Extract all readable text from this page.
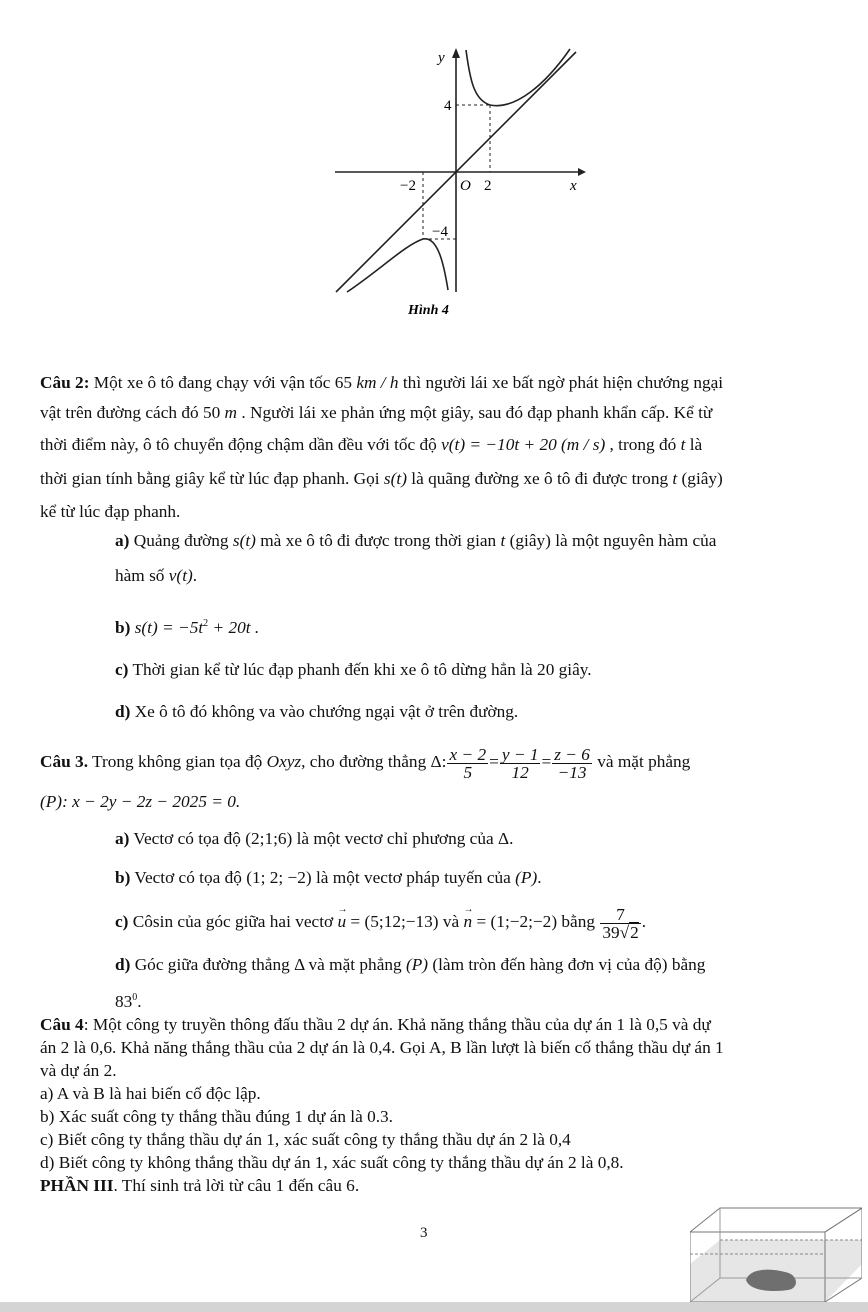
y
x
O 2
−2
4
−4
Hình 4
Câu 2: Một xe ô tô đang chạy với vận tốc 65 km / h thì người lái xe bất ngờ phát hiện chướng ngại
vật trên đường cách đó 50 m . Người lái xe phản ứng một giây, sau đó đạp phanh khẩn cấp. Kể từ
thời điểm này, ô tô chuyển động chậm dần đều với tốc độ v(t) = −10t + 20 (m / s) , trong đó t là
thời gian tính bằng giây kể từ lúc đạp phanh. Gọi s(t) là quãng đường xe ô tô đi được trong t (giây)
kể từ lúc đạp phanh.
a) Quảng đường s(t) mà xe ô tô đi được trong thời gian t (giây) là một nguyên hàm của
hàm số v(t).
b) $s(t) = -5t^2 + 20t$ .
c) Thời gian kể từ lúc đạp phanh đến khi xe ô tô dừng hẳn là 20 giây.
d) Xe ô tô đó không va vào chướng ngại vật ở trên đường.
Câu 3. Trong không gian tọa độ Oxyz, cho đường thẳng Δ: $\frac{x - 2}{5} = \frac{y - 1}{12} = \frac{z - 6}{-13}$ và mặt phẳng
(P): x − 2y − 2z − 2025 = 0.
a) Vectơ có tọa độ (2;1;6) là một vectơ chỉ phương của Δ.
b) Vectơ có tọa độ (1; 2; −2) là một vectơ pháp tuyến của (P).
c) Côsin của góc giữa hai vectơ → u = (5;12;−13) và → n = (1;−2;−2) bằng $\frac{7}{39√2}$ .
d) Góc giữa đường thẳng Δ và mặt phẳng (P) (làm tròn đến hàng đơn vị của độ) bằng
$83^0$.
Câu 4: Một công ty truyền thông đấu thầu 2 dự án. Khả năng thắng thầu của dự án 1 là 0,5 và dự
án 2 là 0,6. Khả năng thắng thầu của 2 dự án là 0,4. Gọi A, B lần lượt là biến cố thắng thầu dự án 1
và dự án 2.
a) A và B là hai biến cố độc lập.
b) Xác suất công ty thắng thầu đúng 1 dự án là 0.3.
c) Biết công ty thắng thầu dự án 1, xác suất công ty thắng thầu dự án 2 là 0,4
d) Biết công ty không thắng thầu dự án 1, xác suất công ty thắng thầu dự án 2 là 0,8.
PHẦN III. Thí sinh trả lời từ câu 1 đến câu 6.
3
